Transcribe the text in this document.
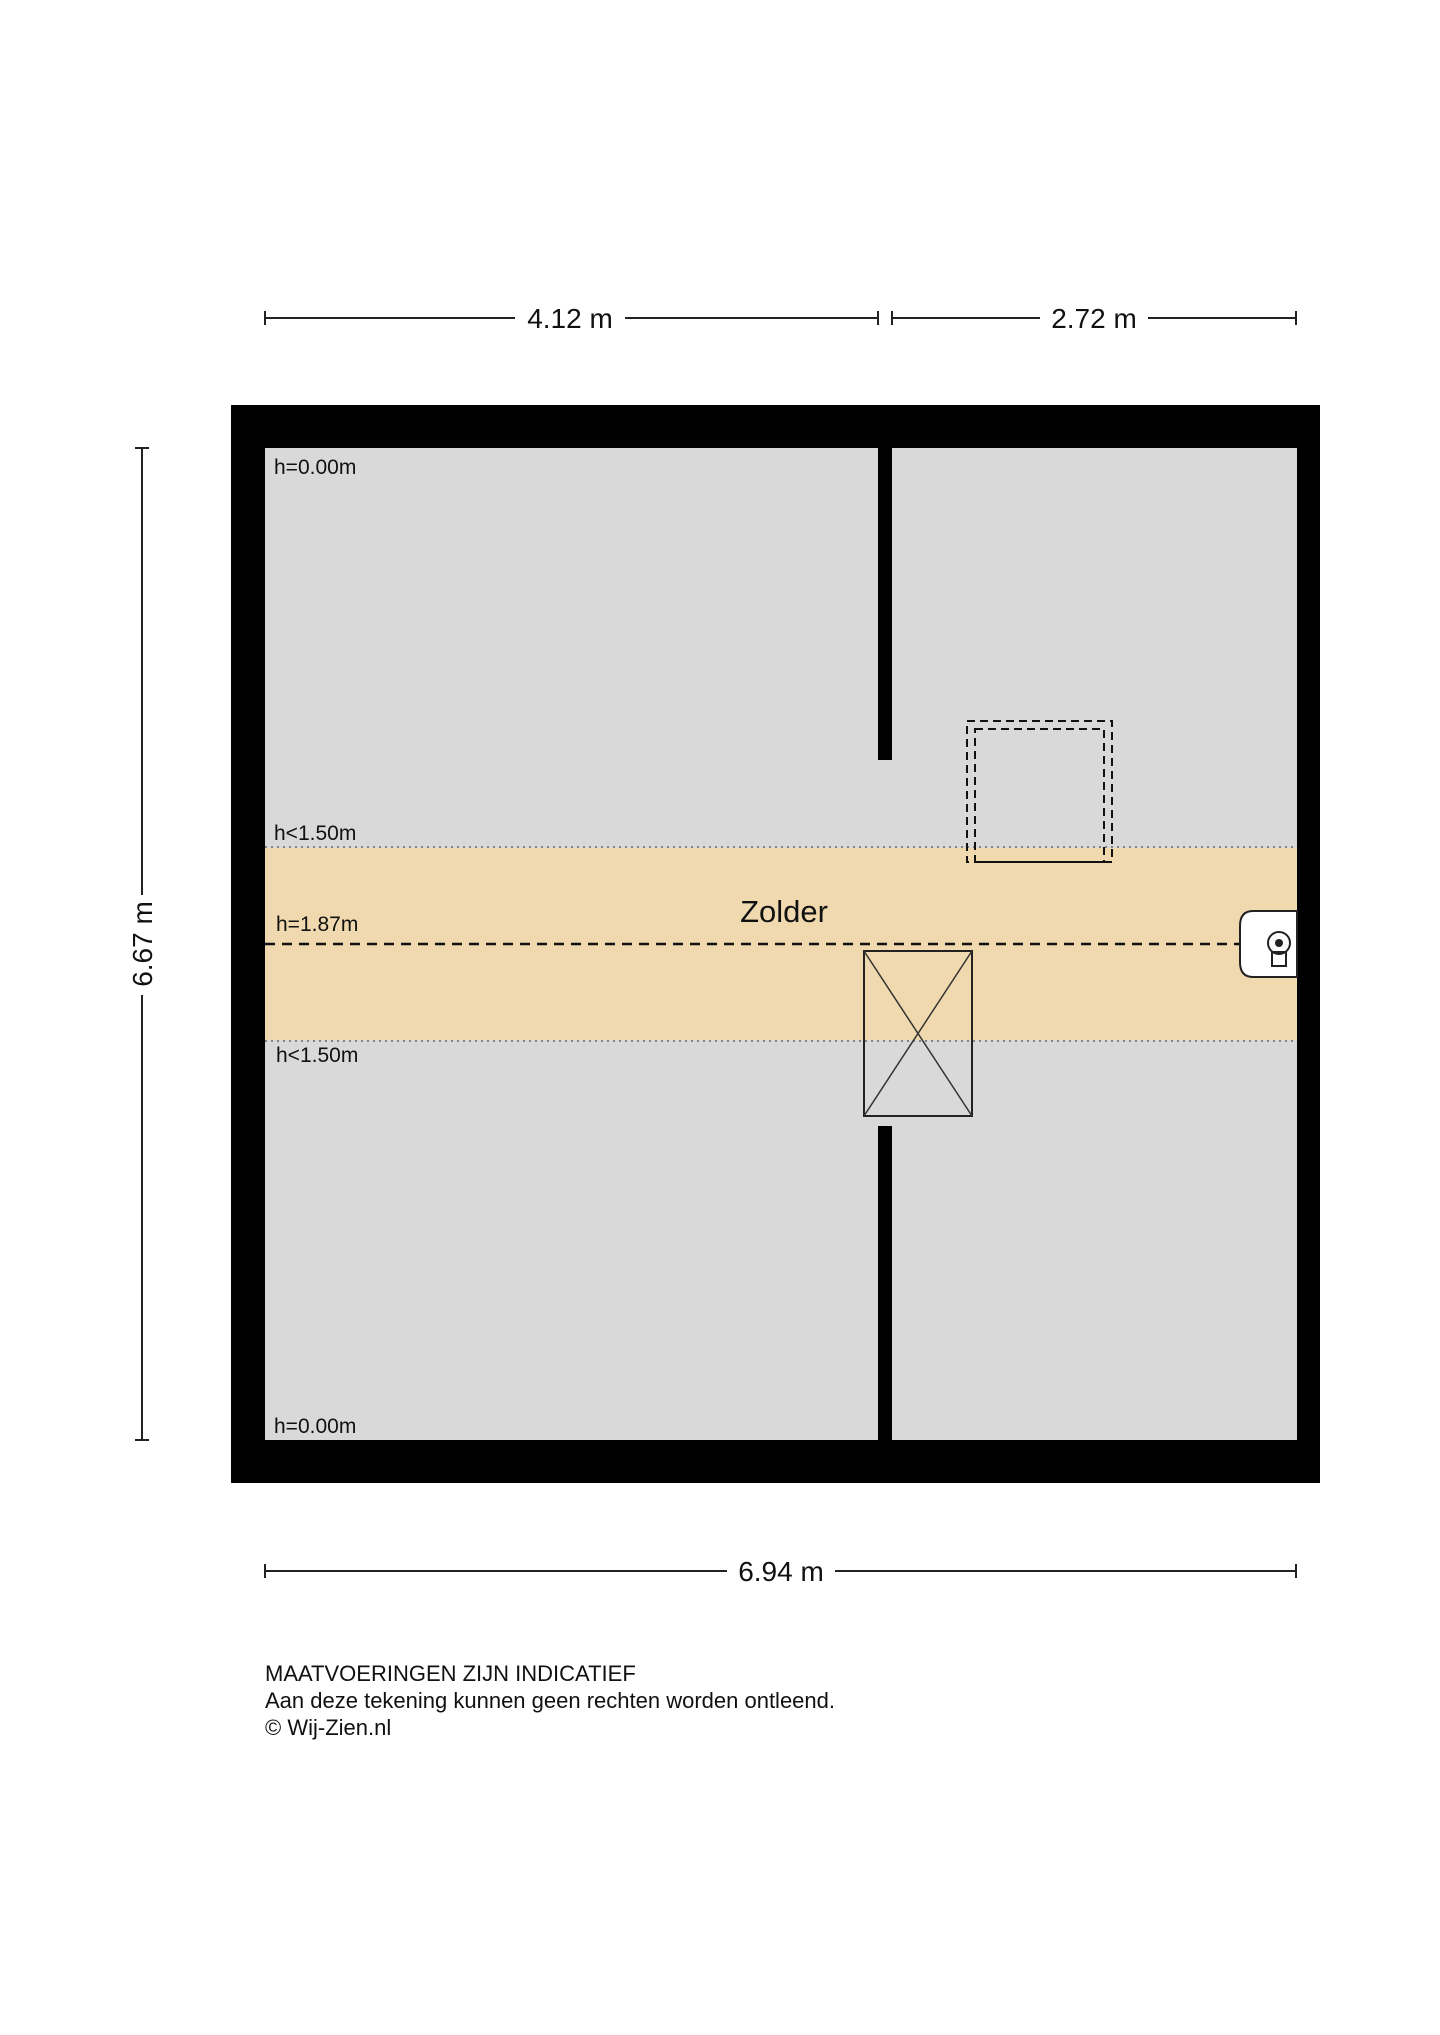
4.12 m	2.72 m
6.67 m
h=0.00m
h<1.50m
h=1.87m
h<1.50m
h=0.00m
Zolder
6.94 m
MAATVOERINGEN ZIJN INDICATIEF
Aan deze tekening kunnen geen rechten worden ontleend.
© Wij-Zien.nl
